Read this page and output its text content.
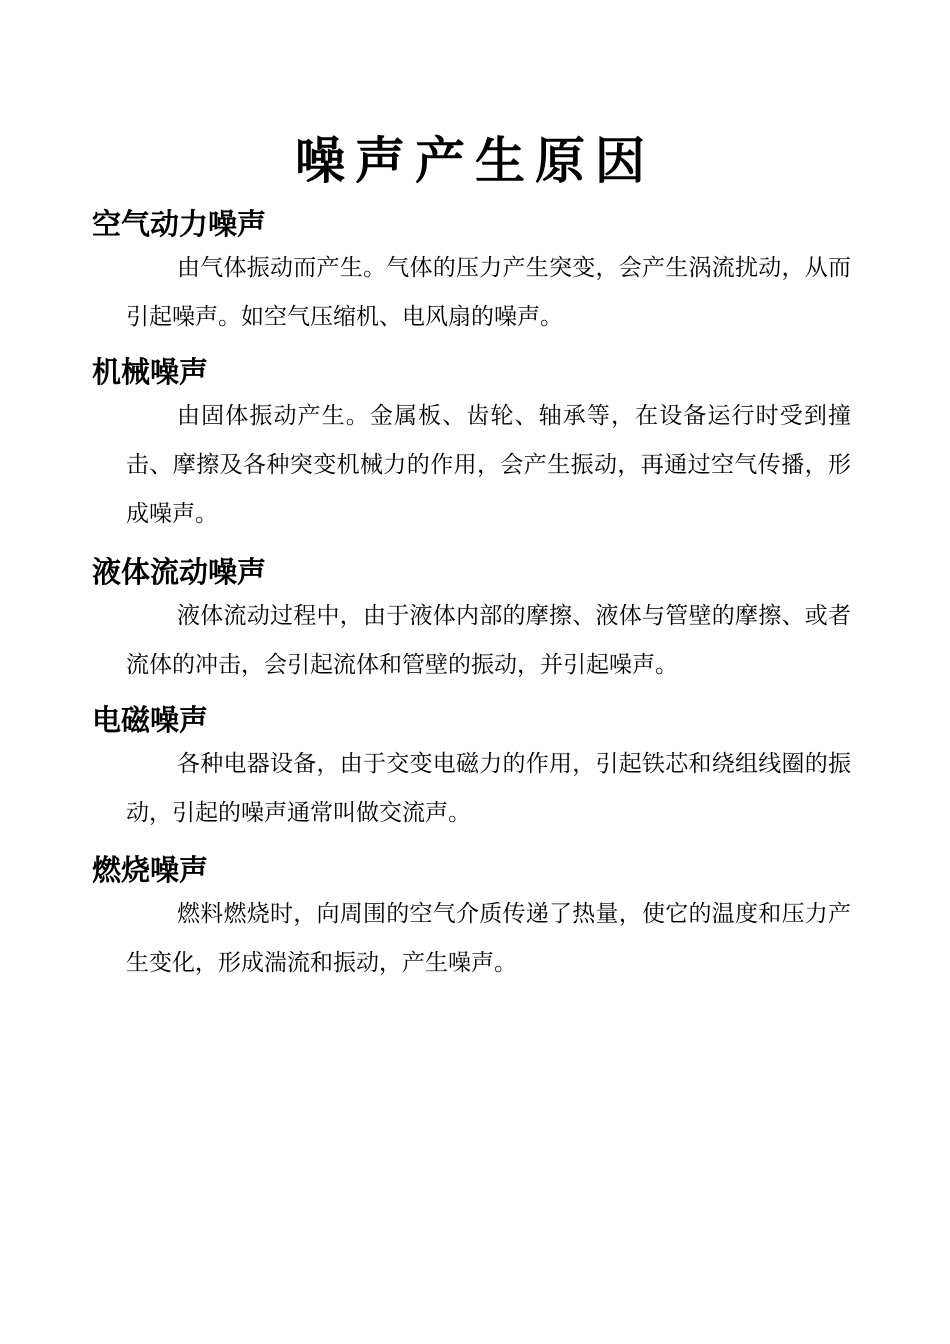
噪声产生原因
空气动力噪声

由气体振动而产生。气体的压力产生突变，会产生涡流扰动，从而引起噪声。如空气压缩机、电风扇的噪声。

机械噪声

由固体振动产生。金属板、齿轮、轴承等，在设备运行时受到撞击、摩擦及各种突变机械力的作用，会产生振动，再通过空气传播，形成噪声。

液体流动噪声

液体流动过程中，由于液体内部的摩擦、液体与管壁的摩擦、或者流体的冲击，会引起流体和管壁的振动，并引起噪声。

电磁噪声

各种电器设备，由于交变电磁力的作用，引起铁芯和绕组线圈的振动，引起的噪声通常叫做交流声。

燃烧噪声

燃料燃烧时，向周围的空气介质传递了热量，使它的温度和压力产生变化，形成湍流和振动，产生噪声。
